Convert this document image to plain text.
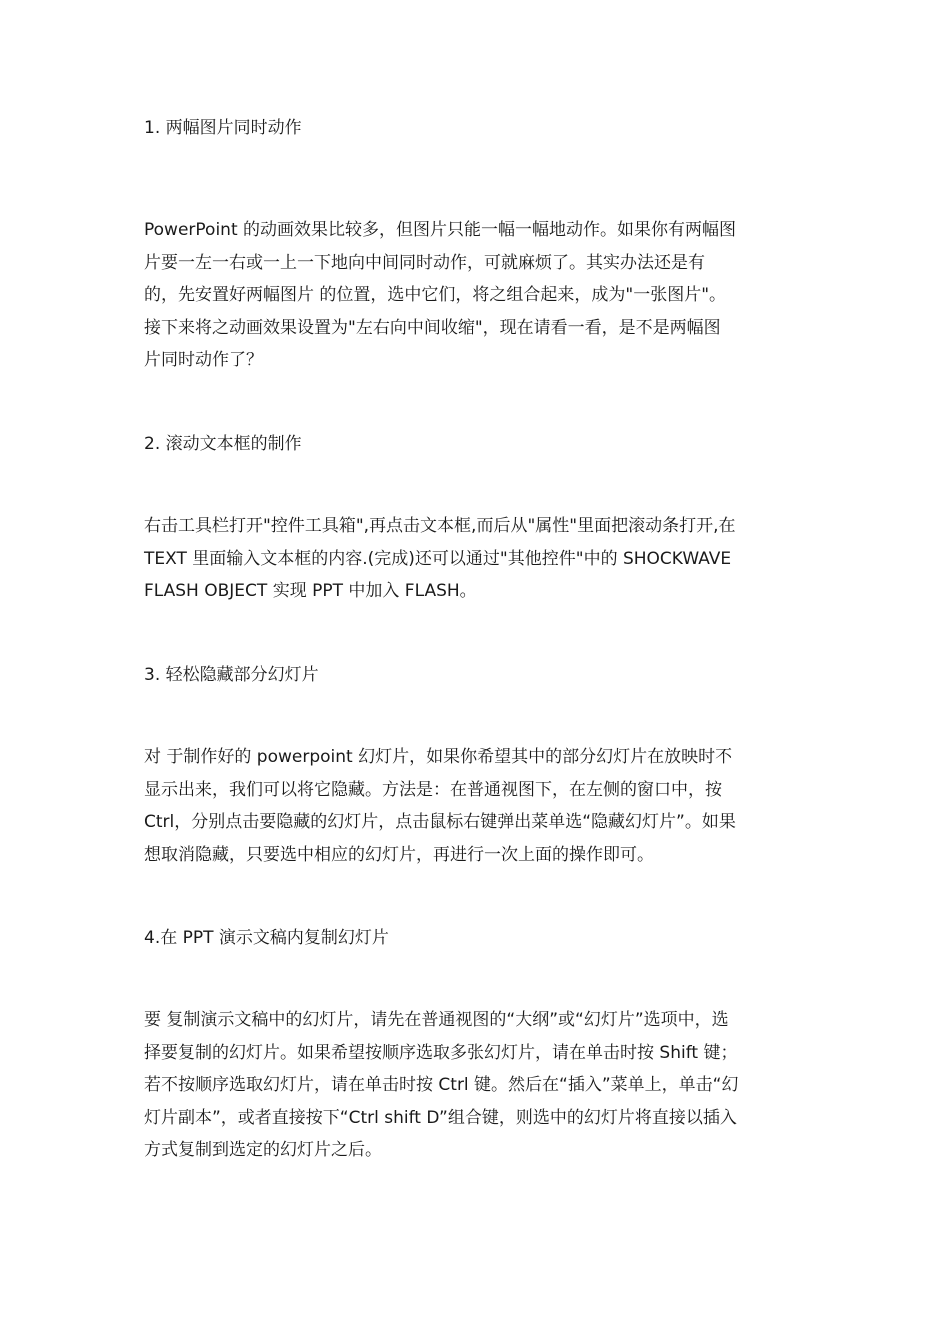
1. 两幅图片同时动作
PowerPoint 的动画效果比较多，但图片只能一幅一幅地动作。如果你有两幅图
片要一左一右或一上一下地向中间同时动作，可就麻烦了。其实办法还是有
的，先安置好两幅图片 的位置，选中它们，将之组合起来，成为"一张图片"。
接下来将之动画效果设置为"左右向中间收缩"，现在请看一看，是不是两幅图
片同时动作了？
2. 滚动文本框的制作
右击工具栏打开"控件工具箱",再点击文本框,而后从"属性"里面把滚动条打开,在
TEXT 里面输入文本框的内容.(完成)还可以通过"其他控件"中的 SHOCKWAVE
FLASH OBJECT 实现 PPT 中加入 FLASH。
3. 轻松隐藏部分幻灯片
对 于制作好的 powerpoint 幻灯片，如果你希望其中的部分幻灯片在放映时不
显示出来，我们可以将它隐藏。方法是：在普通视图下，在左侧的窗口中，按
Ctrl，分别点击要隐藏的幻灯片，点击鼠标右键弹出菜单选“隐藏幻灯片”。如果
想取消隐藏，只要选中相应的幻灯片，再进行一次上面的操作即可。
4.在 PPT 演示文稿内复制幻灯片
要 复制演示文稿中的幻灯片，请先在普通视图的“大纲”或“幻灯片”选项中，选
择要复制的幻灯片。如果希望按顺序选取多张幻灯片，请在单击时按 Shift 键；
若不按顺序选取幻灯片，请在单击时按 Ctrl 键。然后在“插入”菜单上，单击“幻
灯片副本”，或者直接按下“Ctrl shift D”组合键，则选中的幻灯片将直接以插入
方式复制到选定的幻灯片之后。
